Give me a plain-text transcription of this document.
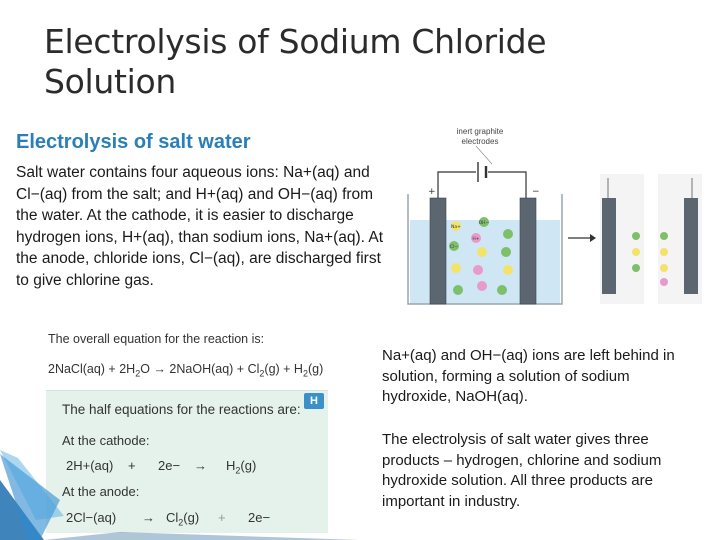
Electrolysis of Sodium Chloride Solution
Electrolysis of salt water
Salt water contains four aqueous ions: Na+(aq) and Cl−(aq) from the salt; and H+(aq) and OH−(aq) from the water. At the cathode, it is easier to discharge hydrogen ions, H+(aq), than sodium ions, Na+(aq). At the anode, chloride ions, Cl−(aq), are discharged first to give chlorine gas.
The overall equation for the reaction is:
2NaCl(aq) + $2H_2O$ → 2NaOH(aq) + $Cl_2(g) + H_2(g)$
H
The half equations for the reactions are:
At the cathode:
$2H+(aq) + 2e- \to H_2(g)$
At the anode:
$2Cl-(aq) \to Cl_2(g) + 2e-$
inert graphite
electrodes
+	−
Na+
Cl−
H+
OH−
Na+(aq) and OH−(aq) ions are left behind in solution, forming a solution of sodium hydroxide, NaOH(aq).
The electrolysis of salt water gives three products – hydrogen, chlorine and sodium hydroxide solution. All three products are important in industry.
